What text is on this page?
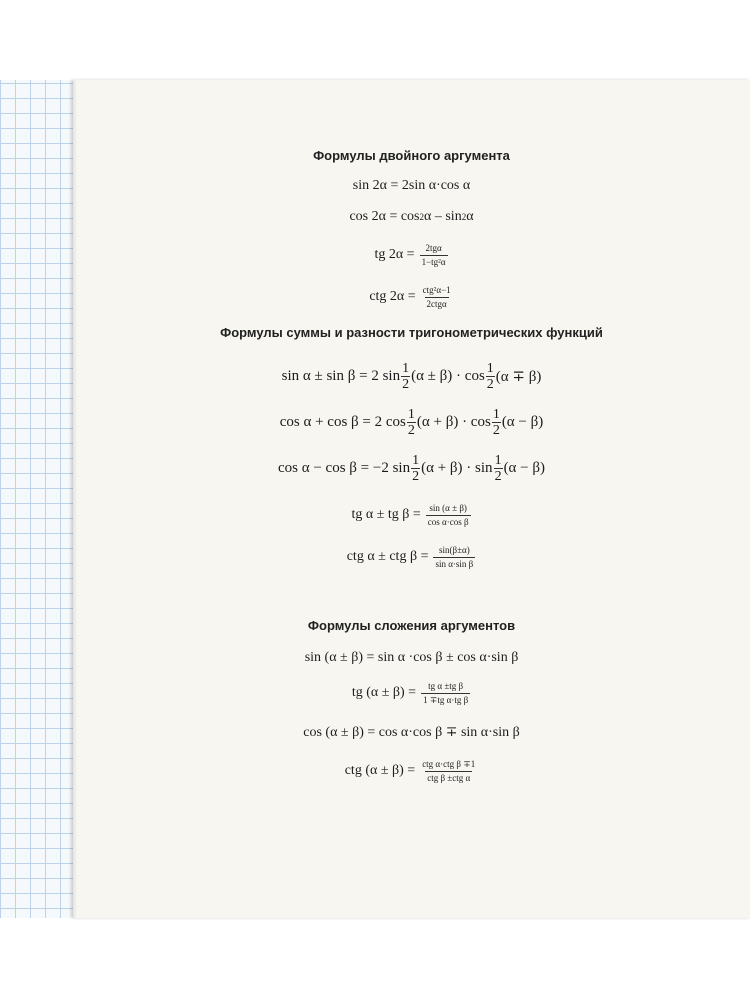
Формулы двойного аргумента
sin 2α = 2sin α·cos α
cos 2α = cos 2 α – sin 2 α
tg $2\alpha = \frac{\text{2tgα}}{\text{1−tg²α}}$
ctg $2\alpha = \frac{\text{ctg²α−1}}{\text{2ctgα}}$
Формулы суммы и разности тригонометрических функций
sin α ± sin β = 2 $\sin \frac{1}{2} (\alpha \pm \beta) \cdot \cos \frac{1}{2} (\alpha \mp \beta)$
cos α + cos β = 2 $\cos \frac{1}{2} (\alpha + \beta) \cdot \cos \frac{1}{2} (\alpha - \beta)$
cos α − cos β = −2 $\sin \frac{1}{2} (\alpha + \beta) \cdot \sin \frac{1}{2} (\alpha - \beta)$
tg α ± tg $\beta = \frac{\sin (\alpha \pm \beta)}{\text{cos α·cos β}}$
ctg α ± ctg $\beta = \frac{\sin(\beta\pm\alpha)}{\text{sin α·sin β}}$
Формулы сложения аргументов
sin (α ± β) = sin α ·cos β ± cos α·sin β
tg $(\alpha \pm \beta) = \frac{\text{tg α ±tg β}}{\text{1 ∓tg α·tg β}}$
cos (α ± β) = cos α·cos β ∓ sin α·sin β
ctg $(\alpha \pm \beta) = \frac{\text{ctg α·ctg β ∓1}}{\text{ctg β ±ctg α}}$
